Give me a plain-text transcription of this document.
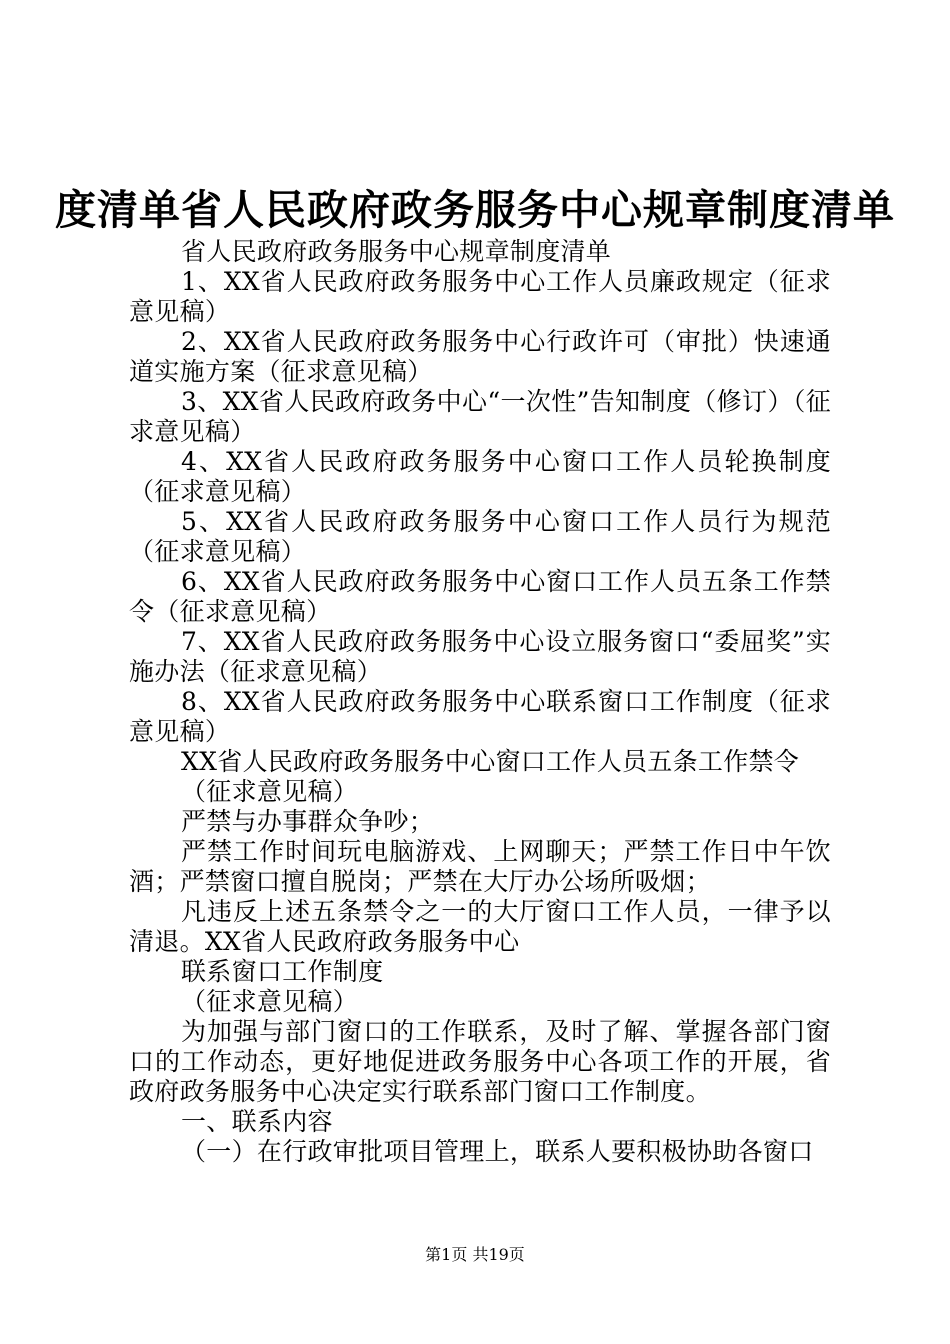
度清单省人民政府政务服务中心规章制度清单

省人民政府政务服务中心规章制度清单

1、XX省人民政府政务服务中心工作人员廉政规定（征求意见稿）

2、XX省人民政府政务服务中心行政许可（审批）快速通道实施方案（征求意见稿）

3、XX省人民政府政务中心“一次性”告知制度（修订）（征求意见稿）

4、XX省人民政府政务服务中心窗口工作人员轮换制度（征求意见稿）

5、XX省人民政府政务服务中心窗口工作人员行为规范（征求意见稿）

6、XX省人民政府政务服务中心窗口工作人员五条工作禁令（征求意见稿）

7、XX省人民政府政务服务中心设立服务窗口“委屈奖”实施办法（征求意见稿）

8、XX省人民政府政务服务中心联系窗口工作制度（征求意见稿）

XX省人民政府政务服务中心窗口工作人员五条工作禁令

（征求意见稿）

严禁与办事群众争吵；

严禁工作时间玩电脑游戏、上网聊天；严禁工作日中午饮酒；严禁窗口擅自脱岗；严禁在大厅办公场所吸烟；

凡违反上述五条禁令之一的大厅窗口工作人员，一律予以清退。XX省人民政府政务服务中心

联系窗口工作制度

（征求意见稿）

为加强与部门窗口的工作联系，及时了解、掌握各部门窗口的工作动态，更好地促进政务服务中心各项工作的开展，省政府政务服务中心决定实行联系部门窗口工作制度。

一、联系内容

（一）在行政审批项目管理上，联系人要积极协助各窗口

第1页 共19页
